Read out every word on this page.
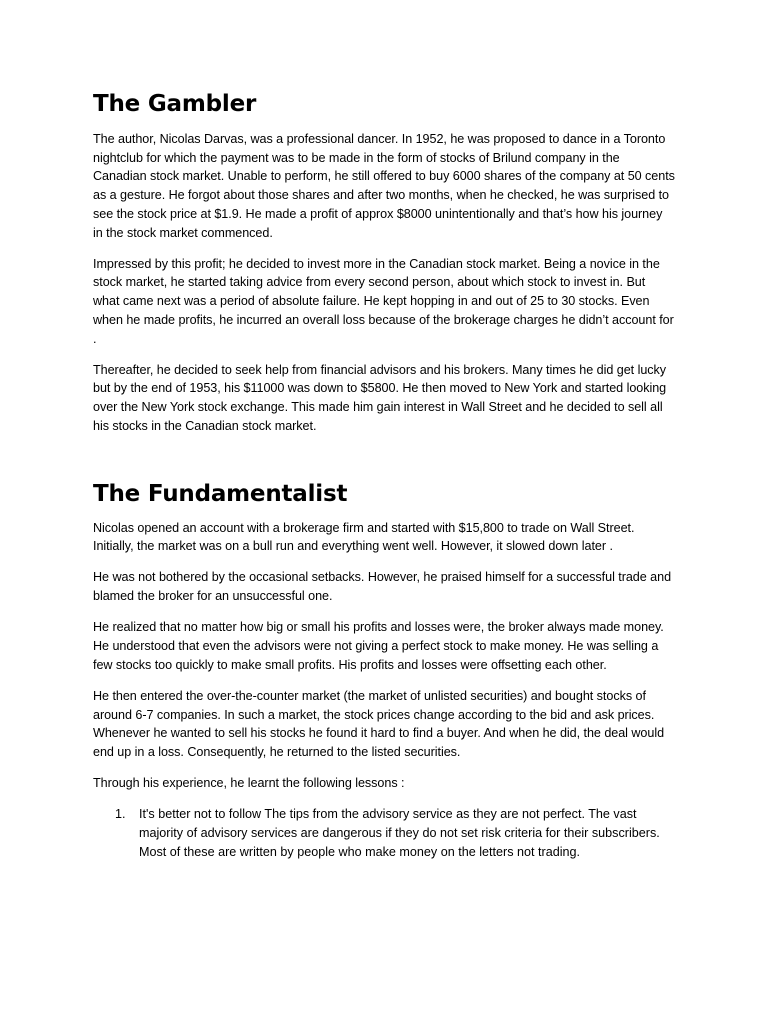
The Gambler

The author, Nicolas Darvas, was a professional dancer. In 1952, he was proposed to dance in a Toronto nightclub for which the payment was to be made in the form of stocks of Brilund company in the Canadian stock market. Unable to perform, he still offered to buy 6000 shares of the company at 50 cents as a gesture. He forgot about those shares and after two months, when he checked, he was surprised to see the stock price at $1.9. He made a profit of approx $8000 unintentionally and that’s how his journey in the stock market commenced.

Impressed by this profit; he decided to invest more in the Canadian stock market. Being a novice in the stock market, he started taking advice from every second person, about which stock to invest in. But what came next was a period of absolute failure. He kept hopping in and out of 25 to 30 stocks. Even when he made profits, he incurred an overall loss because of the brokerage charges he didn’t account for .

Thereafter, he decided to seek help from financial advisors and his brokers. Many times he did get lucky but by the end of 1953, his $11000 was down to $5800. He then moved to New York and started looking over the New York stock exchange. This made him gain interest in Wall Street and he decided to sell all his stocks in the Canadian stock market.

The Fundamentalist

Nicolas opened an account with a brokerage firm and started with $15,800 to trade on Wall Street. Initially, the market was on a bull run and everything went well. However, it slowed down later .

He was not bothered by the occasional setbacks. However, he praised himself for a successful trade and blamed the broker for an unsuccessful one.

He realized that no matter how big or small his profits and losses were, the broker always made money. He understood that even the advisors were not giving a perfect stock to make money. He was selling a few stocks too quickly to make small profits. His profits and losses were offsetting each other.

He then entered the over-the-counter market (the market of unlisted securities) and bought stocks of around 6-7 companies. In such a market, the stock prices change according to the bid and ask prices. Whenever he wanted to sell his stocks he found it hard to find a buyer. And when he did, the deal would end up in a loss. Consequently, he returned to the listed securities.

Through his experience, he learnt the following lessons :

1. It's better not to follow The tips from the advisory service as they are not perfect. The vast majority of advisory services are dangerous if they do not set risk criteria for their subscribers. Most of these are written by people who make money on the letters not trading.
